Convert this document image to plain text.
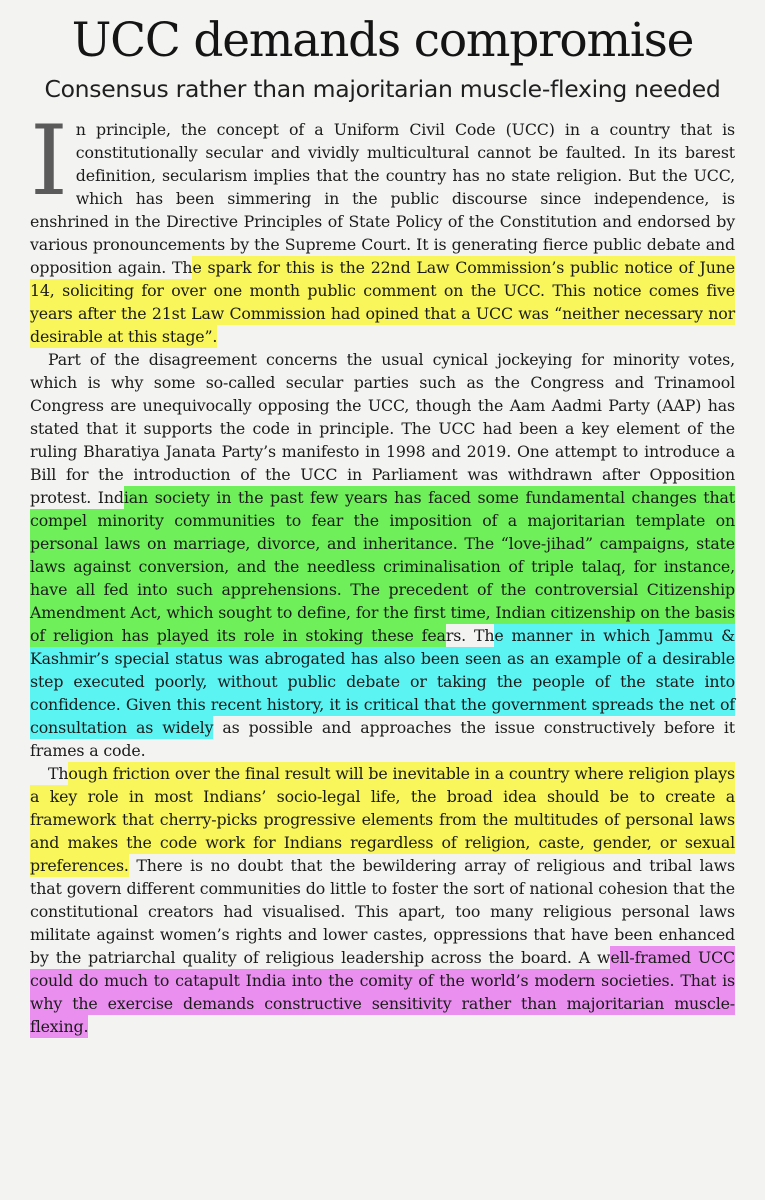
UCC demands compromise
Consensus rather than majoritarian muscle-flexing needed

In principle, the concept of a Uniform Civil Code (UCC) in a country that is constitutionally secular and vividly multicultural cannot be faulted. In its barest definition, secularism implies that the country has no state religion. But the UCC, which has been simmering in the public discourse since independence, is enshrined in the Directive Principles of State Policy of the Constitution and endorsed by various pronouncements by the Supreme Court. It is generating fierce public debate and opposition again. The spark for this is the 22nd Law Commission’s public notice of June 14, soliciting for over one month public comment on the UCC. This notice comes five years after the 21st Law Commission had opined that a UCC was “neither necessary nor desirable at this stage”.

Part of the disagreement concerns the usual cynical jockeying for minority votes, which is why some so-called secular parties such as the Congress and Trinamool Congress are unequivocally opposing the UCC, though the Aam Aadmi Party (AAP) has stated that it supports the code in principle. The UCC had been a key element of the ruling Bharatiya Janata Party’s manifesto in 1998 and 2019. One attempt to introduce a Bill for the introduction of the UCC in Parliament was withdrawn after Opposition protest. Indian society in the past few years has faced some fundamental changes that compel minority communities to fear the imposition of a majoritarian template on personal laws on marriage, divorce, and inheritance. The “love-jihad” campaigns, state laws against conversion, and the needless criminalisation of triple talaq, for instance, have all fed into such apprehensions. The precedent of the controversial Citizenship Amendment Act, which sought to define, for the first time, Indian citizenship on the basis of religion has played its role in stoking these fears. The manner in which Jammu & Kashmir’s special status was abrogated has also been seen as an example of a desirable step executed poorly, without public debate or taking the people of the state into confidence. Given this recent history, it is critical that the government spreads the net of consultation as widely as possible and approaches the issue constructively before it frames a code.

Though friction over the final result will be inevitable in a country where religion plays a key role in most Indians’ socio-legal life, the broad idea should be to create a framework that cherry-picks progressive elements from the multitudes of personal laws and makes the code work for Indians regardless of religion, caste, gender, or sexual preferences. There is no doubt that the bewildering array of religious and tribal laws that govern different communities do little to foster the sort of national cohesion that the constitutional creators had visualised. This apart, too many religious personal laws militate against women’s rights and lower castes, oppressions that have been enhanced by the patriarchal quality of religious leadership across the board. A well-framed UCC could do much to catapult India into the comity of the world’s modern societies. That is why the exercise demands constructive sensitivity rather than majoritarian muscle-flexing.
